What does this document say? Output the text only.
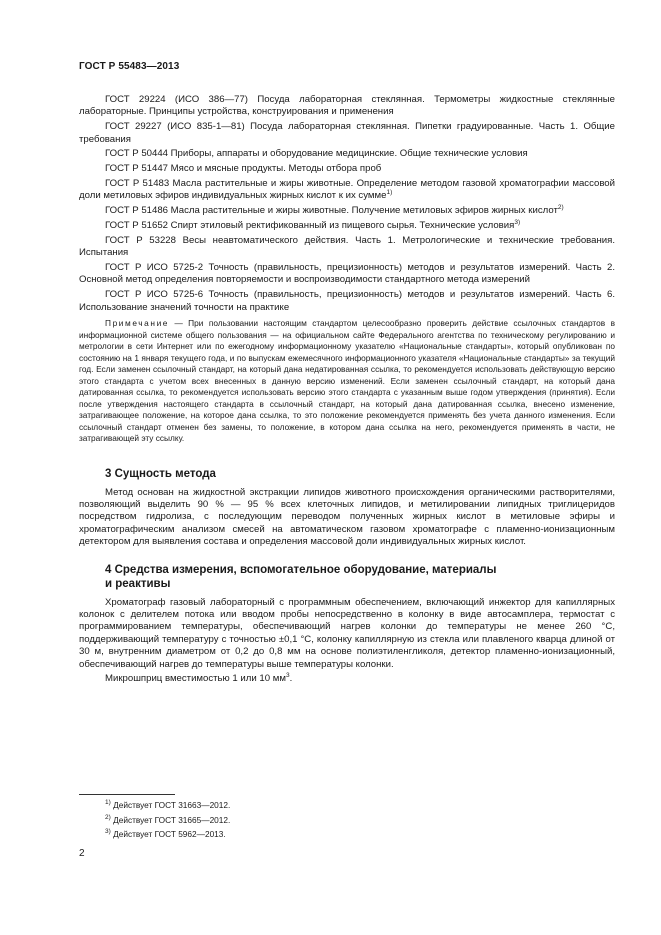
ГОСТ Р 55483—2013

ГОСТ 29224 (ИСО 386—77) Посуда лабораторная стеклянная. Термометры жидкостные стеклянные лабораторные. Принципы устройства, конструирования и применения

ГОСТ 29227 (ИСО 835-1—81) Посуда лабораторная стеклянная. Пипетки градуированные. Часть 1. Общие требования

ГОСТ Р 50444 Приборы, аппараты и оборудование медицинские. Общие технические условия

ГОСТ Р 51447 Мясо и мясные продукты. Методы отбора проб

ГОСТ Р 51483 Масла растительные и жиры животные. Определение методом газовой хроматографии массовой доли метиловых эфиров индивидуальных жирных кислот к их сумме$^{1)}$

ГОСТ Р 51486 Масла растительные и жиры животные. Получение метиловых эфиров жирных кислот$^{2)}$

ГОСТ Р 51652 Спирт этиловый ректификованный из пищевого сырья. Технические условия$^{3)}$

ГОСТ Р 53228 Весы неавтоматического действия. Часть 1. Метрологические и технические требования. Испытания

ГОСТ Р ИСО 5725-2 Точность (правильность, прецизионность) методов и результатов измерений. Часть 2. Основной метод определения повторяемости и воспроизводимости стандартного метода измерений

ГОСТ Р ИСО 5725-6 Точность (правильность, прецизионность) методов и результатов измерений. Часть 6. Использование значений точности на практике

Примечание — При пользовании настоящим стандартом целесообразно проверить действие ссылочных стандартов в информационной системе общего пользования — на официальном сайте Федерального агентства по техническому регулированию и метрологии в сети Интернет или по ежегодному информационному указателю «Национальные стандарты», который опубликован по состоянию на 1 января текущего года, и по выпускам ежемесячного информационного указателя «Национальные стандарты» за текущий год. Если заменен ссылочный стандарт, на который дана недатированная ссылка, то рекомендуется использовать действующую версию этого стандарта с учетом всех внесенных в данную версию изменений. Если заменен ссылочный стандарт, на который дана датированная ссылка, то рекомендуется использовать версию этого стандарта с указанным выше годом утверждения (принятия). Если после утверждения настоящего стандарта в ссылочный стандарт, на который дана датированная ссылка, внесено изменение, затрагивающее положение, на которое дана ссылка, то это положение рекомендуется применять без учета данного изменения. Если ссылочный стандарт отменен без замены, то положение, в котором дана ссылка на него, рекомендуется применять в части, не затрагивающей эту ссылку.

3 Сущность метода

Метод основан на жидкостной экстракции липидов животного происхождения органическими растворителями, позволяющий выделить 90 % — 95 % всех клеточных липидов, и метилировании липидных триглицеридов посредством гидролиза, с последующим переводом полученных жирных кислот в метиловые эфиры и хроматографическим анализом смесей на автоматическом газовом хроматографе с пламенно-ионизационным детектором для выявления состава и определения массовой доли индивидуальных жирных кислот.

4 Средства измерения, вспомогательное оборудование, материалы
и реактивы

Хроматограф газовый лабораторный с программным обеспечением, включающий инжектор для капиллярных колонок с делителем потока или вводом пробы непосредственно в колонку в виде автосамплера, термостат с программированием температуры, обеспечивающий нагрев колонки до температуры не менее 260 °С, поддерживающий температуру с точностью ±0,1 °С, колонку капиллярную из стекла или плавленого кварца длиной от 30 м, внутренним диаметром от 0,2 до 0,8 мм на основе полиэтиленгликоля, детектор пламенно-ионизационный, обеспечивающий нагрев до температуры выше температуры колонки.

Микрошприц вместимостью 1 или 10 $мм^3$.

$^{1)}$ Действует ГОСТ 31663—2012.
$^{2)}$ Действует ГОСТ 31665—2012.
$^{3)}$ Действует ГОСТ 5962—2013.
2
